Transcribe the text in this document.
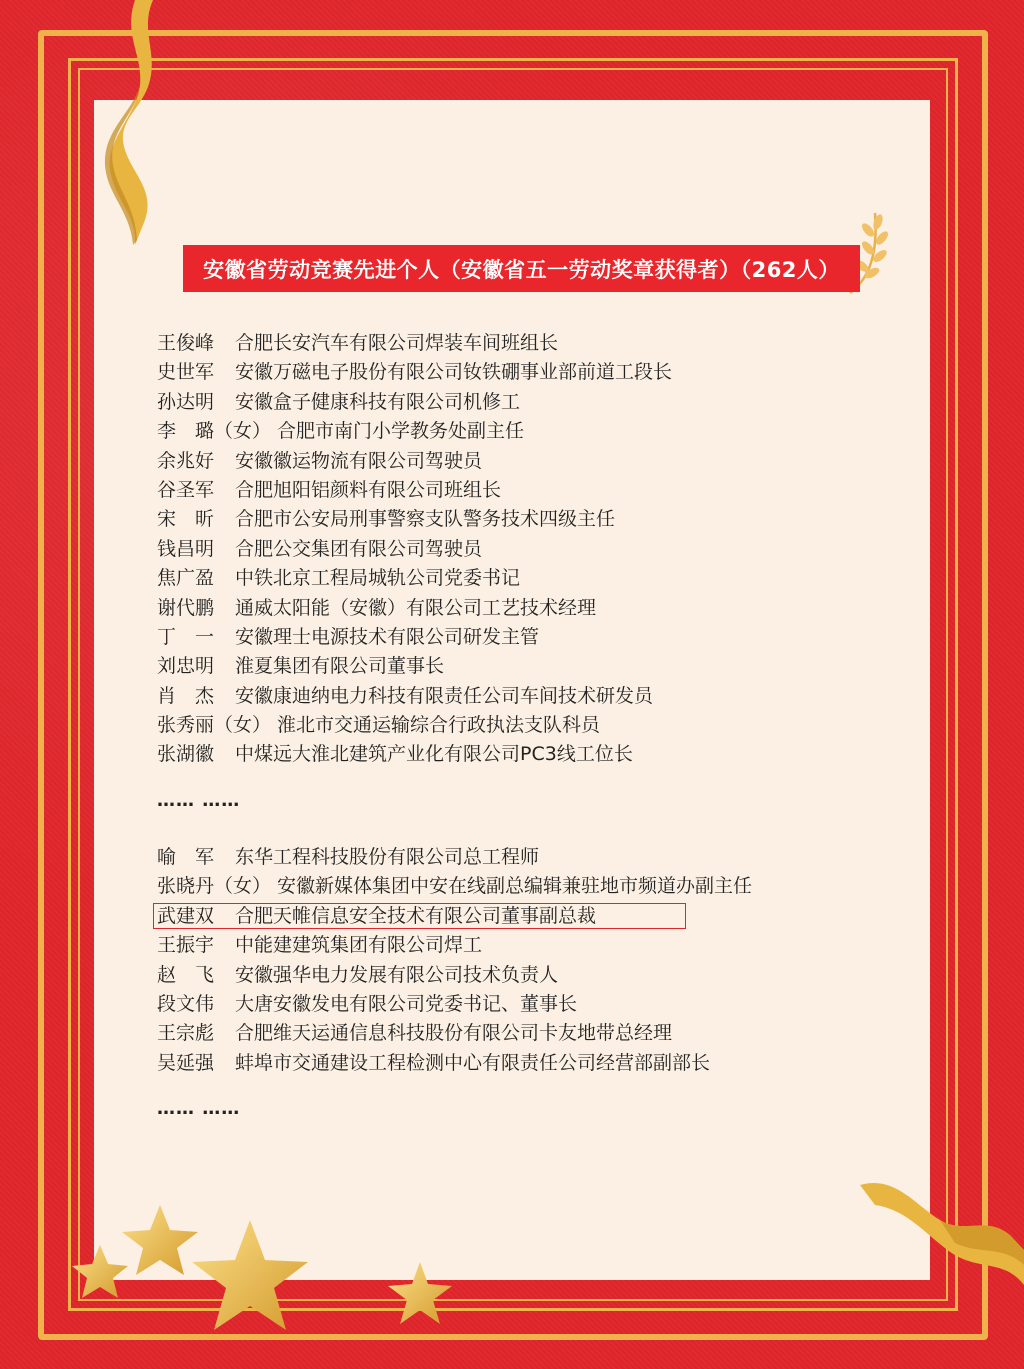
安徽省劳动竞赛先进个人（安徽省五一劳动奖章获得者）（262人）
王俊峰 合肥长安汽车有限公司焊装车间班组长
史世军 安徽万磁电子股份有限公司钕铁硼事业部前道工段长
孙达明 安徽盒子健康科技有限公司机修工
李　璐（女） 合肥市南门小学教务处副主任
余兆好 安徽徽运物流有限公司驾驶员
谷圣军 合肥旭阳铝颜料有限公司班组长
宋　昕 合肥市公安局刑事警察支队警务技术四级主任
钱昌明 合肥公交集团有限公司驾驶员
焦广盈 中铁北京工程局城轨公司党委书记
谢代鹏 通威太阳能（安徽）有限公司工艺技术经理
丁　一 安徽理士电源技术有限公司研发主管
刘忠明 淮夏集团有限公司董事长
肖　杰 安徽康迪纳电力科技有限责任公司车间技术研发员
张秀丽（女） 淮北市交通运输综合行政执法支队科员
张湖徽 中煤远大淮北建筑产业化有限公司PC3线工位长
…… ……
喻　军 东华工程科技股份有限公司总工程师
张晓丹（女） 安徽新媒体集团中安在线副总编辑兼驻地市频道办副主任
武建双 合肥天帷信息安全技术有限公司董事副总裁
王振宇 中能建建筑集团有限公司焊工
赵　飞 安徽强华电力发展有限公司技术负责人
段文伟 大唐安徽发电有限公司党委书记、董事长
王宗彪 合肥维天运通信息科技股份有限公司卡友地带总经理
吴延强 蚌埠市交通建设工程检测中心有限责任公司经营部副部长
…… ……
